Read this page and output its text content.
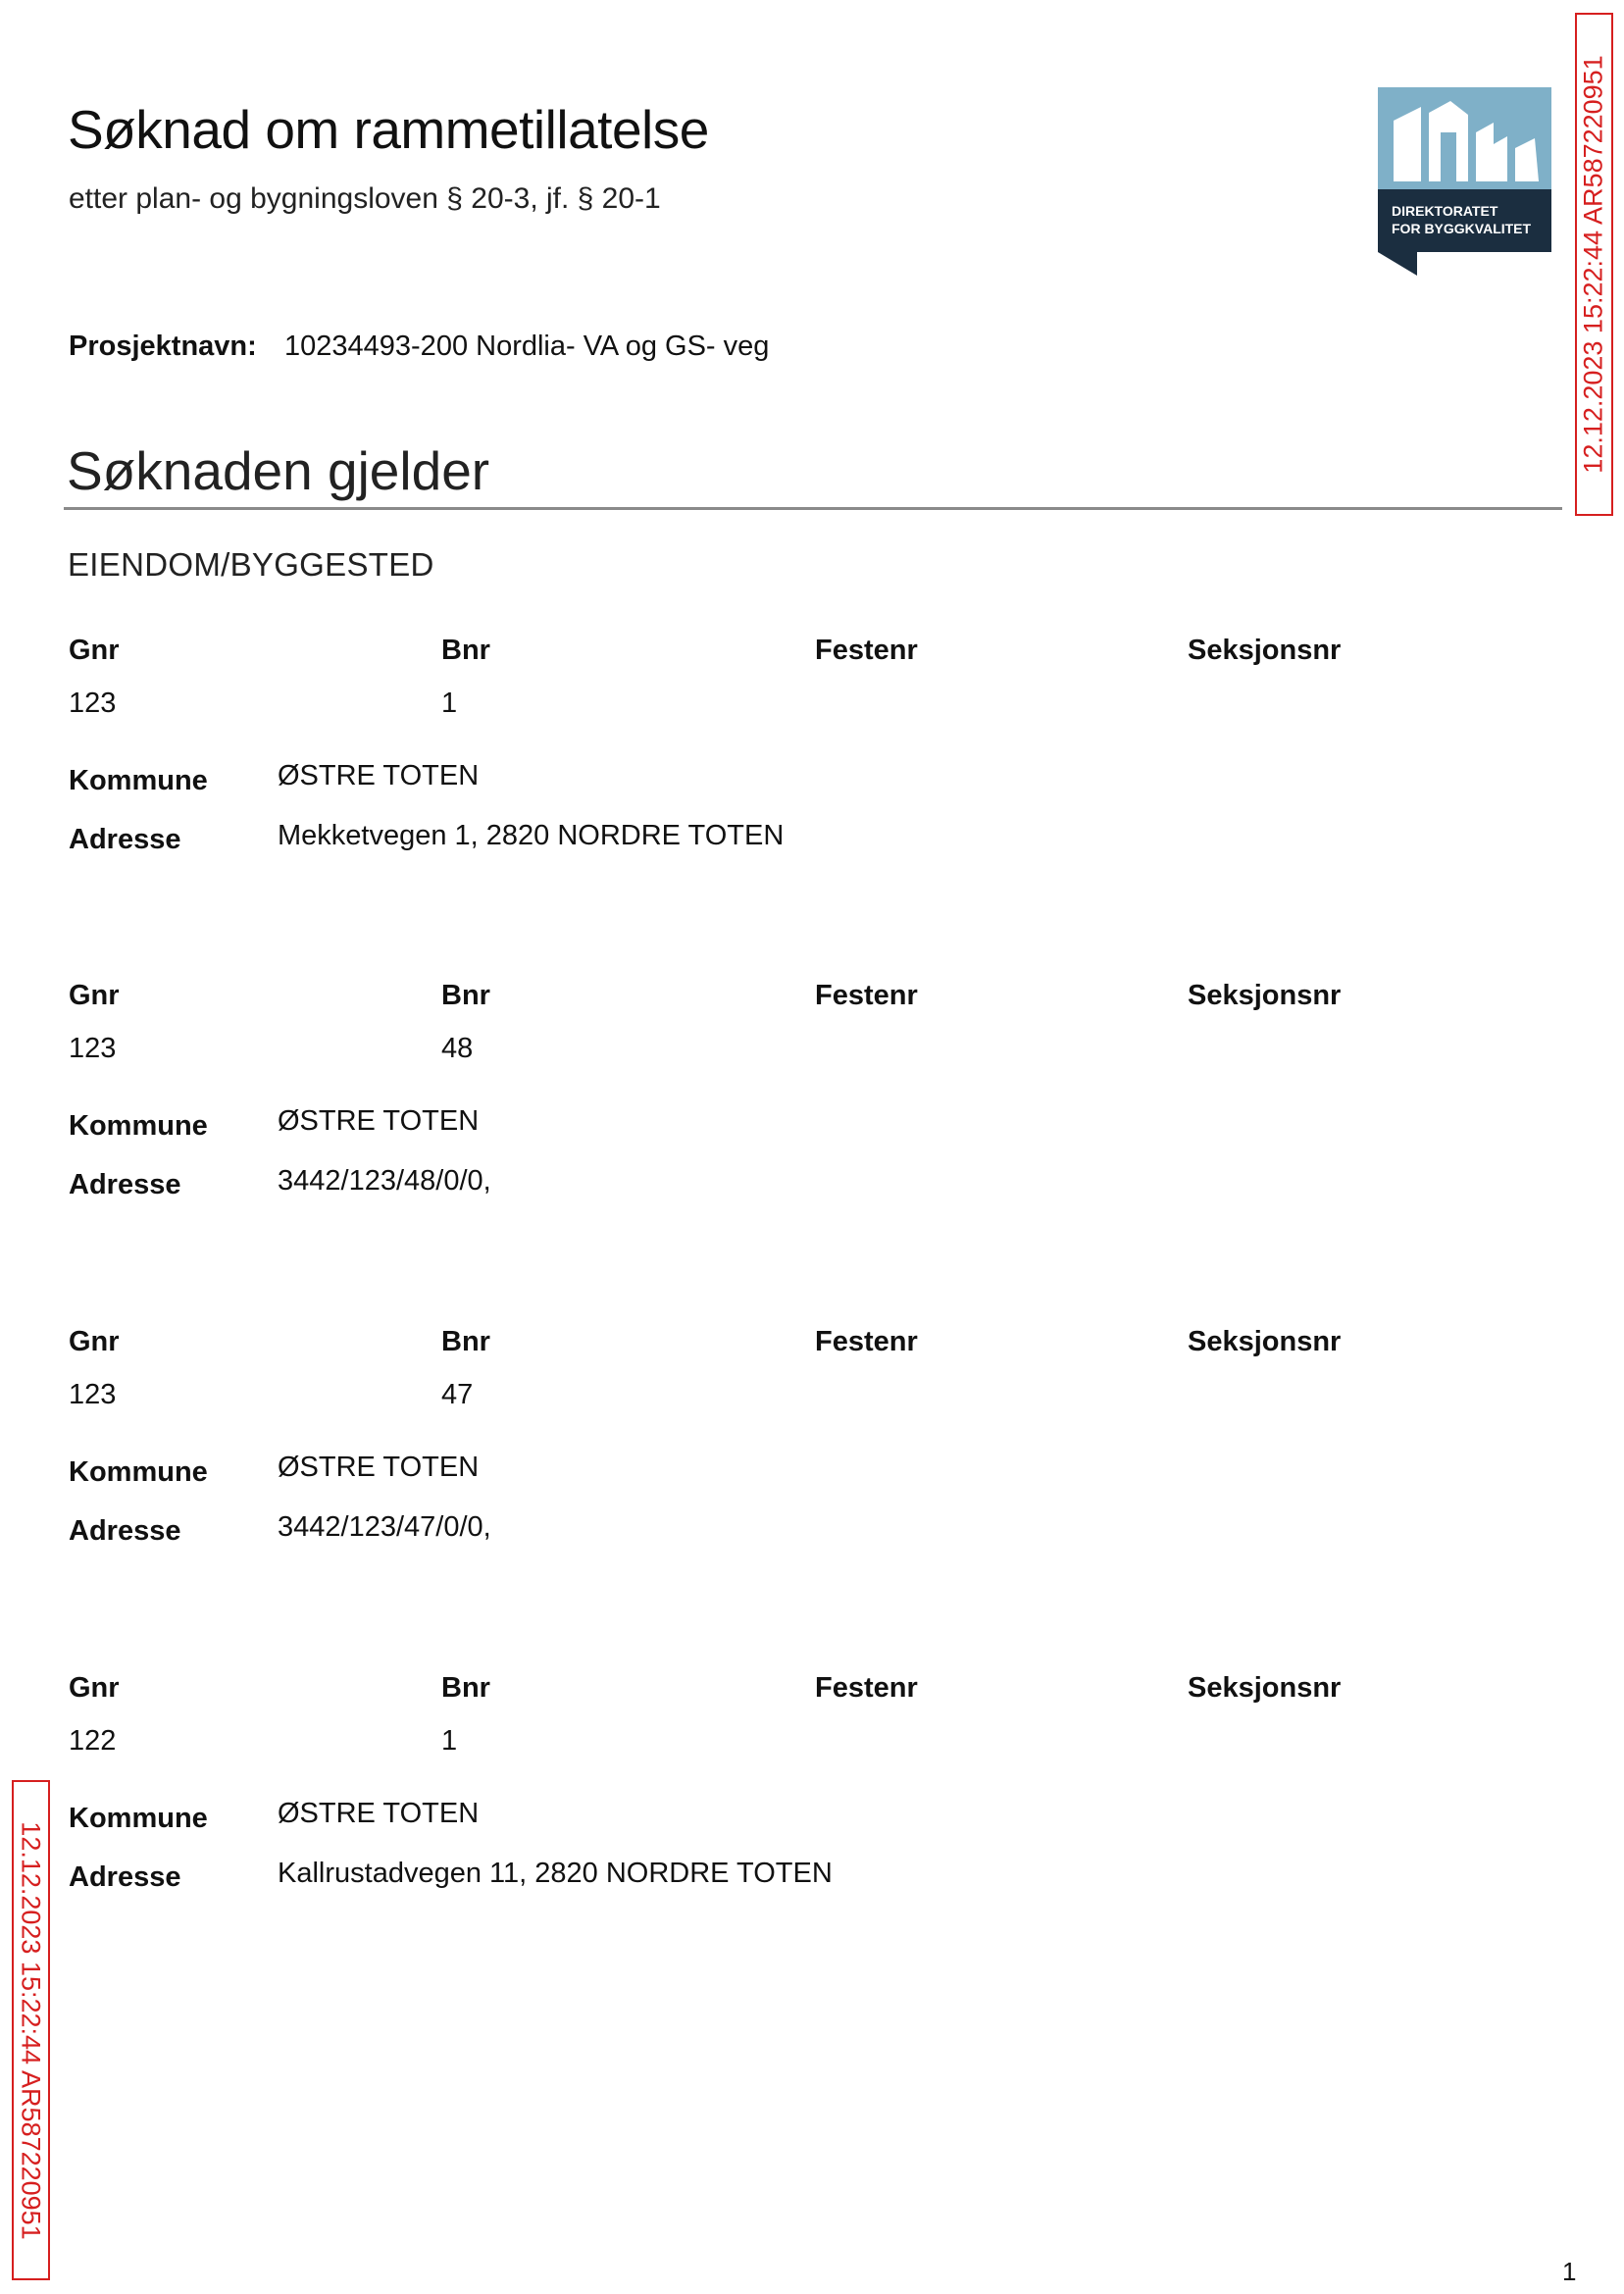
Søknad om rammetillatelse
etter plan- og bygningsloven § 20-3, jf. § 20-1	DIREKTORATET
FOR BYGGKVALITET
Prosjektnavn: 10234493-200 Nordlia- VA og GS- veg
Søknaden gjelder
EIENDOM/BYGGESTED
Gnr	Bnr	Festenr	Seksjonsnr
123	1
Kommune ØSTRE TOTEN
Adresse	Mekketvegen 1, 2820 NORDRE TOTEN
Gnr	Bnr	Festenr	Seksjonsnr
123	48
Kommune ØSTRE TOTEN
Adresse	3442/123/48/0/0,
Gnr	Bnr	Festenr	Seksjonsnr
123	47
Kommune ØSTRE TOTEN
Adresse	3442/123/47/0/0,
Gnr	Bnr	Festenr	Seksjonsnr
122	1
Kommune ØSTRE TOTEN
Adresse	Kallrustadvegen 11, 2820 NORDRE TOTEN
12.12.2023 15:22:44 AR587220951
12.12.2023 15:22:44 AR587220951
1
